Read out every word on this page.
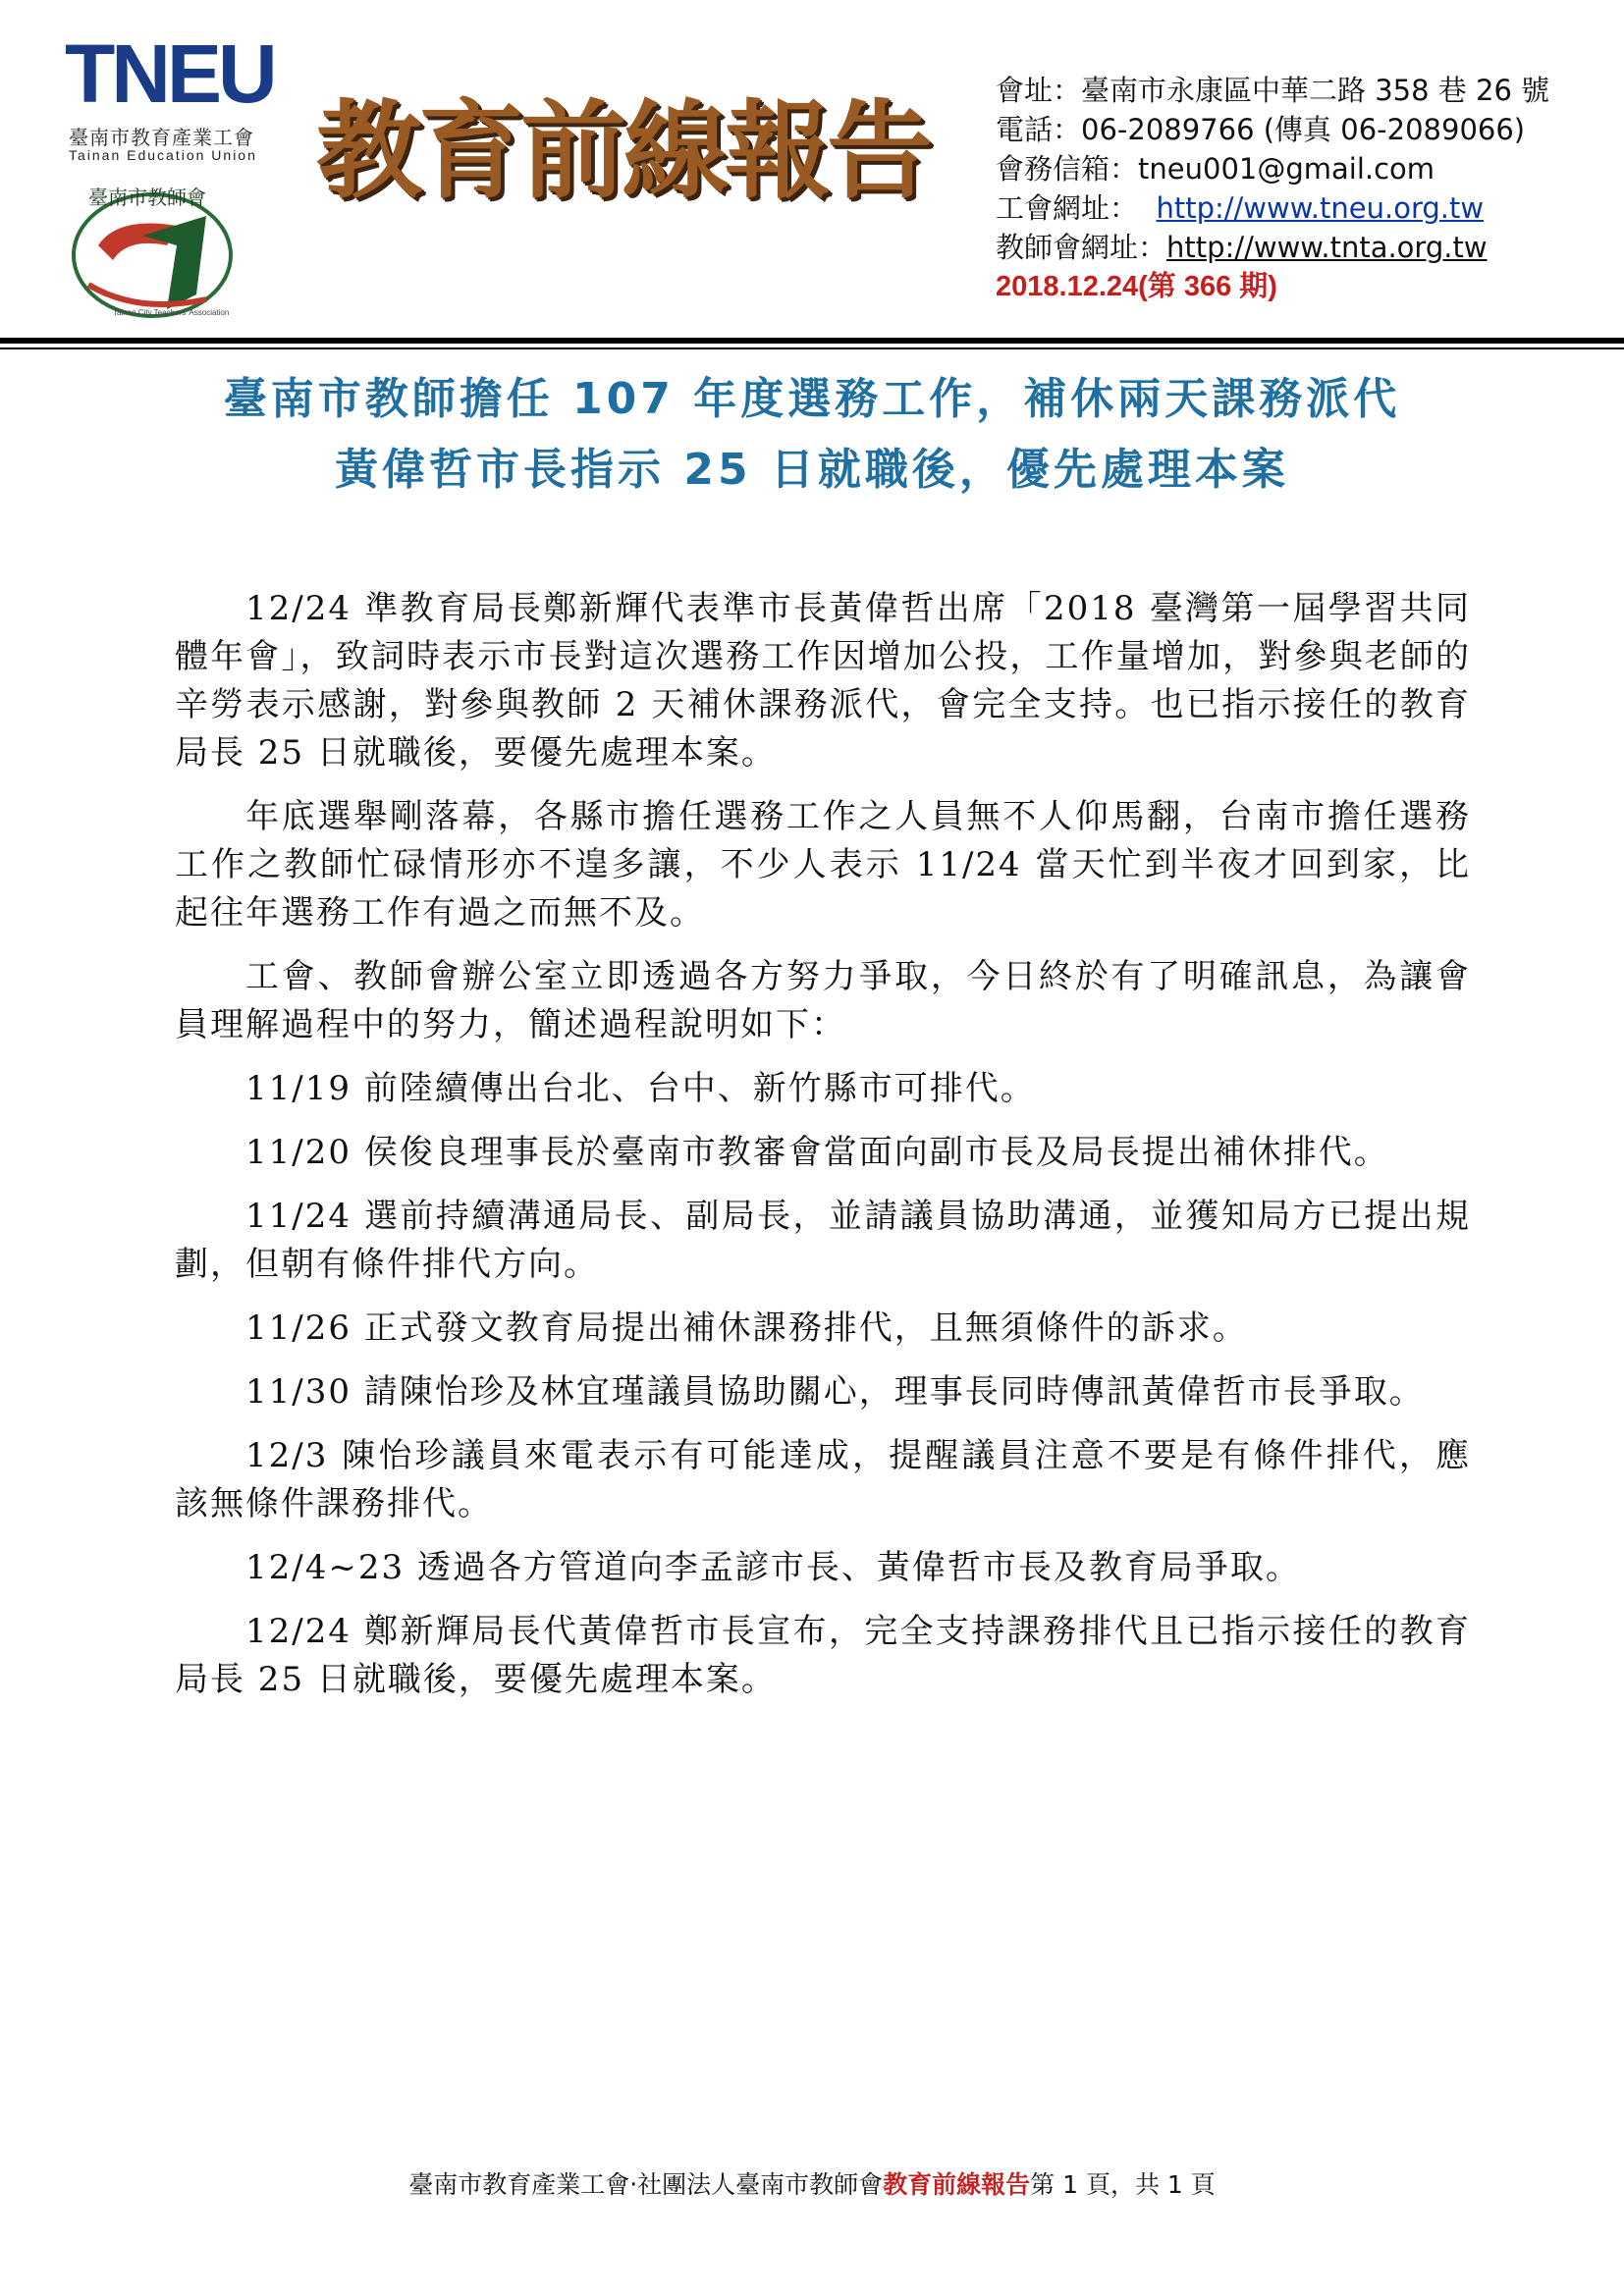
TNEU
臺南市教育產業工會
Tainan Education Union
臺南市教師會
Tainan City Teachers' Association
教育前線報告 會址：臺南市永康區中華二路 358 巷 26 號
電話：06-2089766 (傳真 06-2089066)
會務信箱：tneu001@gmail.com
工會網址： http://www.tneu.org.tw
教師會網址：http://www.tnta.org.tw
2018.12.24(第 366 期)
臺南市教師擔任 107 年度選務工作，補休兩天課務派代
黃偉哲市長指示 25 日就職後，優先處理本案

12/24 準教育局長鄭新輝代表準市長黃偉哲出席「2018 臺灣第一屆學習共同體年會」，致詞時表示市長對這次選務工作因增加公投，工作量增加，對參與老師的辛勞表示感謝，對參與教師 2 天補休課務派代，會完全支持。也已指示接任的教育局長 25 日就職後，要優先處理本案。

年底選舉剛落幕，各縣市擔任選務工作之人員無不人仰馬翻，台南市擔任選務工作之教師忙碌情形亦不遑多讓，不少人表示 11/24 當天忙到半夜才回到家，比起往年選務工作有過之而無不及。

工會、教師會辦公室立即透過各方努力爭取，今日終於有了明確訊息，為讓會員理解過程中的努力，簡述過程說明如下：

11/19 前陸續傳出台北、台中、新竹縣市可排代。

11/20 侯俊良理事長於臺南市教審會當面向副市長及局長提出補休排代。

11/24 選前持續溝通局長、副局長，並請議員協助溝通，並獲知局方已提出規劃，但朝有條件排代方向。

11/26 正式發文教育局提出補休課務排代，且無須條件的訴求。

11/30 請陳怡珍及林宜瑾議員協助關心，理事長同時傳訊黃偉哲市長爭取。

12/3 陳怡珍議員來電表示有可能達成，提醒議員注意不要是有條件排代，應該無條件課務排代。

12/4~23 透過各方管道向李孟諺市長、黃偉哲市長及教育局爭取。

12/24 鄭新輝局長代黃偉哲市長宣布，完全支持課務排代且已指示接任的教育局長 25 日就職後，要優先處理本案。

臺南市教育產業工會‧社團法人臺南市教師會教育前線報告第 1 頁，共 1 頁
